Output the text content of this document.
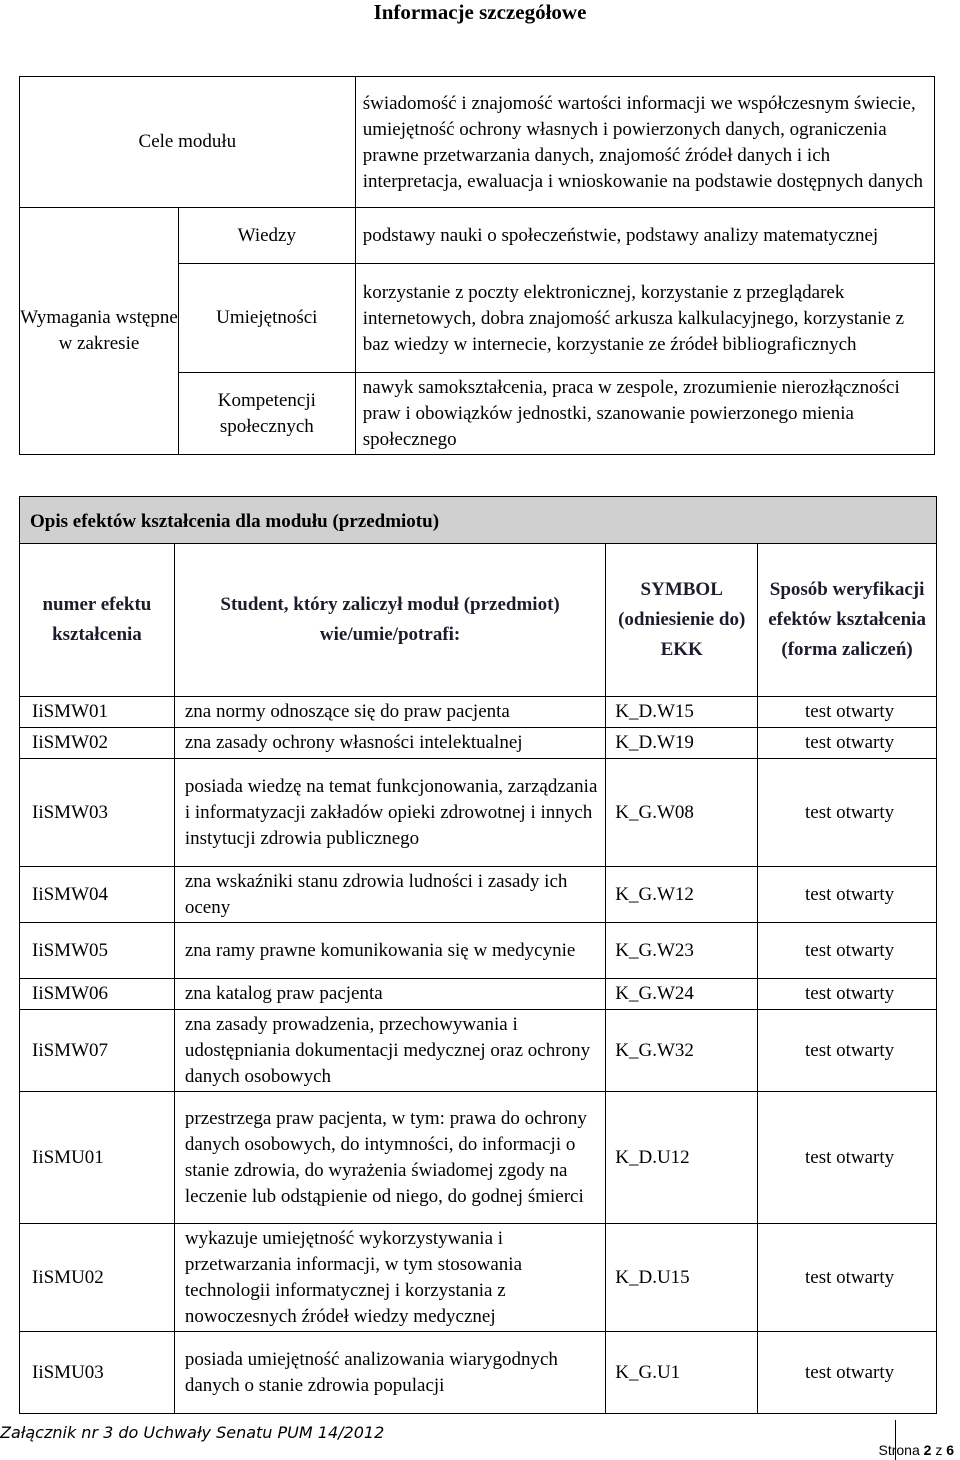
Informacje szczegółowe
Cele modułu		świadomość i znajomość wartości informacji we współczesnym świecie, umiejętność ochrony własnych i powierzonych danych, ograniczenia prawne przetwarzania danych, znajomość źródeł danych i ich interpretacja, ewaluacja i wnioskowanie na podstawie dostępnych danych
Wymagania wstępne w zakresie	Wiedzy	podstawy nauki o społeczeństwie, podstawy analizy matematycznej
	Umiejętności	korzystanie z poczty elektronicznej, korzystanie z przeglądarek internetowych, dobra znajomość arkusza kalkulacyjnego, korzystanie z baz wiedzy w internecie, korzystanie ze źródeł bibliograficznych
	Kompetencji społecznych	nawyk samokształcenia, praca w zespole, zrozumienie nierozłączności praw i obowiązków jednostki, szanowanie powierzonego mienia społecznego
Opis efektów kształcenia dla modułu (przedmiotu)			
numer efektu kształcenia	Student, który zaliczył moduł (przedmiot) wie/umie/potrafi:	SYMBOL (odniesienie do) EKK	Sposób weryfikacji efektów kształcenia (forma zaliczeń)
IiSMW01	zna normy odnoszące się do praw pacjenta	K_D.W15	test otwarty
IiSMW02	zna zasady ochrony własności intelektualnej	K_D.W19	test otwarty
IiSMW03	posiada wiedzę na temat funkcjonowania, zarządzania i informatyzacji zakładów opieki zdrowotnej i innych instytucji zdrowia publicznego	K_G.W08	test otwarty
IiSMW04	zna wskaźniki stanu zdrowia ludności i zasady ich oceny	K_G.W12	test otwarty
IiSMW05	zna ramy prawne komunikowania się w medycynie	K_G.W23	test otwarty
IiSMW06	zna katalog praw pacjenta	K_G.W24	test otwarty
IiSMW07	zna zasady prowadzenia, przechowywania i udostępniania dokumentacji medycznej oraz ochrony danych osobowych	K_G.W32	test otwarty
IiSMU01	przestrzega praw pacjenta, w tym: prawa do ochrony danych osobowych, do intymności, do informacji o stanie zdrowia, do wyrażenia świadomej zgody na leczenie lub odstąpienie od niego, do godnej śmierci	K_D.U12	test otwarty
IiSMU02	wykazuje umiejętność wykorzystywania i przetwarzania informacji, w tym stosowania technologii informatycznej i korzystania z nowoczesnych źródeł wiedzy medycznej	K_D.U15	test otwarty
IiSMU03	posiada umiejętność analizowania wiarygodnych danych o stanie zdrowia populacji	K_G.U1	test otwarty
Załącznik nr 3 do Uchwały Senatu PUM 14/2012
Strona 2 z 6
